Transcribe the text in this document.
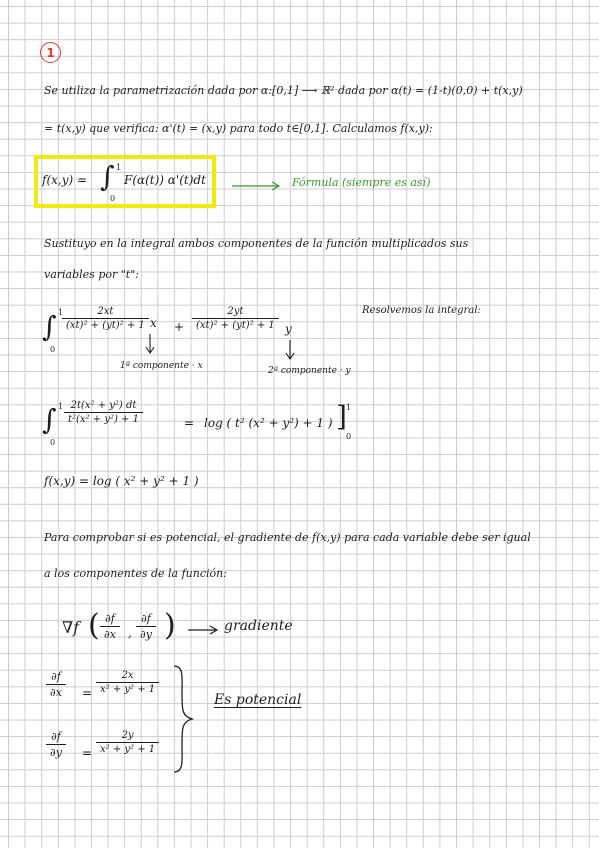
1
Se utiliza la parametrización dada por α:[0,1] ⟶ ℝ² dada por α(t) = (1-t)(0,0) + t(x,y)
= t(x,y) que verifica: α'(t) = (x,y) para todo t∈[0,1]. Calculamos f(x,y):
f(x,y) = ∫ 1
0
F(α(t)) α'(t)dt	Fórmula (siempre es así)
Sustituyo en la integral ambos componentes de la función multiplicados sus
variables por "t":
∫ 1
0
$\frac{2xt}{\text{(xt)² + (yt)² + 1}}$ $x + \frac{2yt}{\text{(xt)² + (yt)² + 1}}$ y
Resolvemos la integral:
1ª componente · x	2ª componente · y
∫ 1
0
$\frac{\text{2t(x² + y²) dt}}{\text{t²(x² + y²) + 1}}$	= log ( t² (x² + y²) + 1 ) ] 1
0
f(x,y) = log ( x² + y² + 1 )
Para comprobar si es potencial, el gradiente de f(x,y) para cada variable debe ser igual
a los componentes de la función:
∇f ( $\frac{\partial f}{\partial x}$ , $\frac{\partial f}{\partial y}$ )	gradiente
$\frac{\partial f}{\partial x} = \frac{2x}{\text{x² + y² + 1}}$
$\frac{\partial f}{\partial y} = \frac{2y}{\text{x² + y² + 1}}$
Es potencial
